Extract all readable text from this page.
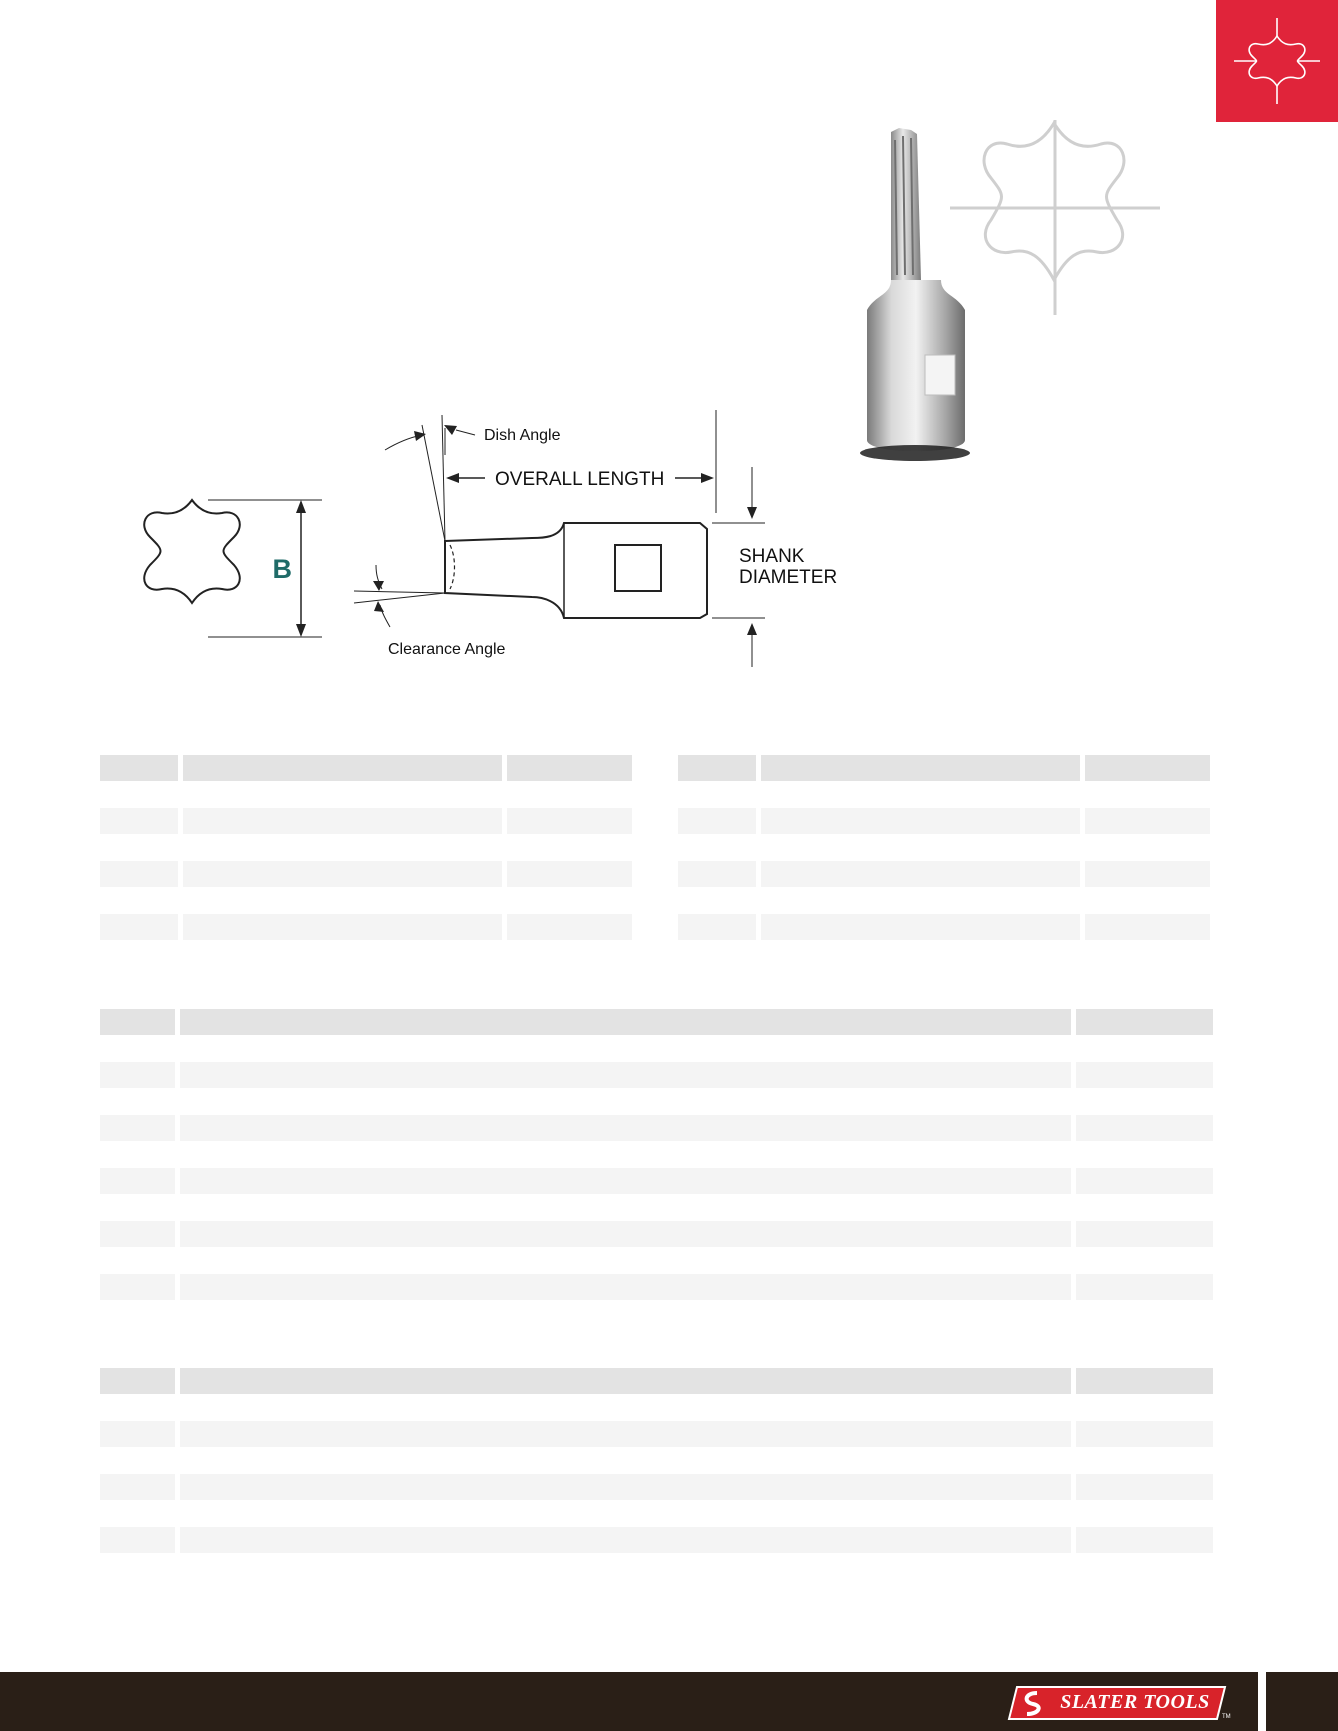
B
Dish Angle
OVERALL LENGTH
SHANK
DIAMETER
Clearance Angle

SLATER TOOLS
TM
